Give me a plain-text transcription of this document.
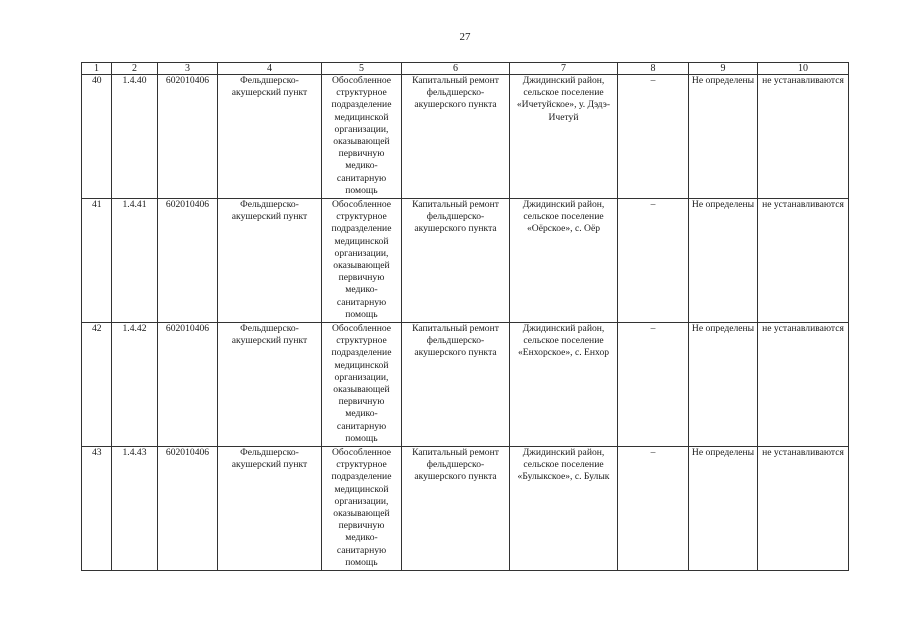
27
1	2	3	4	5	6	7	8	9	10
40	1.4.40	602010406	Фельдшерско-акушерский пункт	Обособленное структурное подразделение медицинской организации, оказывающей первичную медико-санитарную помощь	Капитальный ремонт фельдшерско-акушерского пункта	Джидинский район, сельское поселение «Ичетуйское», у. Дэдэ-Ичетуй	–	Не определены	не устанавливаются
41	1.4.41	602010406	Фельдшерско-акушерский пункт	Обособленное структурное подразделение медицинской организации, оказывающей первичную медико-санитарную помощь	Капитальный ремонт фельдшерско-акушерского пункта	Джидинский район, сельское поселение «Оёрское», с. Оёр	–	Не определены	не устанавливаются
42	1.4.42	602010406	Фельдшерско-акушерский пункт	Обособленное структурное подразделение медицинской организации, оказывающей первичную медико-санитарную помощь	Капитальный ремонт фельдшерско-акушерского пункта	Джидинский район, сельское поселение «Енхорское», с. Енхор	–	Не определены	не устанавливаются
43	1.4.43	602010406	Фельдшерско-акушерский пункт	Обособленное структурное подразделение медицинской организации, оказывающей первичную медико-санитарную помощь	Капитальный ремонт фельдшерско-акушерского пункта	Джидинский район, сельское поселение «Булыкское», с. Булык	–	Не определены	не устанавливаются
